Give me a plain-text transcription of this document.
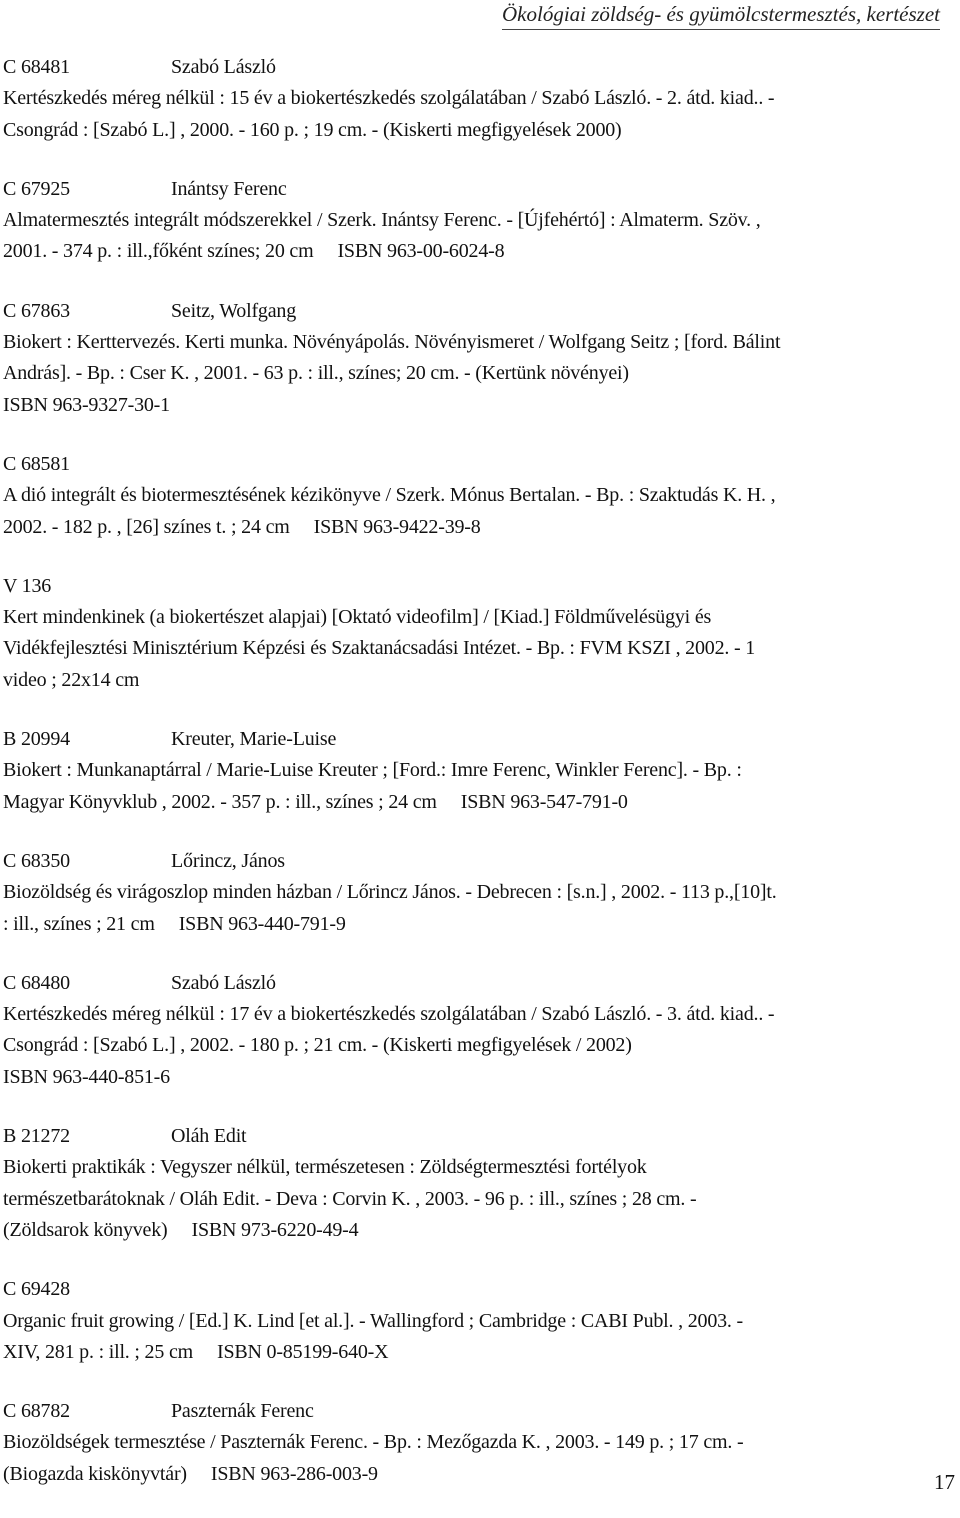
Ökológiai zöldség- és gyümölcstermesztés, kertészet
C 68481	Szabó László
Kertészkedés méreg nélkül : 15 év a biokertészkedés szolgálatában / Szabó László. - 2. átd. kiad.. -
Csongrád : [Szabó L.] , 2000. - 160 p. ; 19 cm. - (Kiskerti megfigyelések 2000)
C 67925	Inántsy Ferenc
Almatermesztés integrált módszerekkel / Szerk. Inántsy Ferenc. - [Újfehértó] : Almaterm. Szöv. ,
2001. - 374 p. : ill.,főként színes; 20 cm     ISBN 963-00-6024-8
C 67863	Seitz, Wolfgang
Biokert : Kerttervezés. Kerti munka. Növényápolás. Növényismeret / Wolfgang Seitz ; [ford. Bálint
András]. - Bp. : Cser K. , 2001. - 63 p. : ill., színes; 20 cm. - (Kertünk növényei)
ISBN 963-9327-30-1
C 68581
A dió integrált és biotermesztésének kézikönyve / Szerk. Mónus Bertalan. - Bp. : Szaktudás K. H. ,
2002. - 182 p. , [26] színes t. ; 24 cm     ISBN 963-9422-39-8
V 136
Kert mindenkinek (a biokertészet alapjai) [Oktató videofilm] / [Kiad.] Földművelésügyi és
Vidékfejlesztési Minisztérium Képzési és Szaktanácsadási Intézet. - Bp. : FVM KSZI , 2002. - 1
video ; 22x14 cm
B 20994	Kreuter, Marie-Luise
Biokert : Munkanaptárral / Marie-Luise Kreuter ; [Ford.: Imre Ferenc, Winkler Ferenc]. - Bp. :
Magyar Könyvklub , 2002. - 357 p. : ill., színes ; 24 cm     ISBN 963-547-791-0
C 68350	Lőrincz, János
Biozöldség és virágoszlop minden házban / Lőrincz János. - Debrecen : [s.n.] , 2002. - 113 p.,[10]t.
: ill., színes ; 21 cm     ISBN 963-440-791-9
C 68480	Szabó László
Kertészkedés méreg nélkül : 17 év a biokertészkedés szolgálatában / Szabó László. - 3. átd. kiad.. -
Csongrád : [Szabó L.] , 2002. - 180 p. ; 21 cm. - (Kiskerti megfigyelések / 2002)
ISBN 963-440-851-6
B 21272	Oláh Edit
Biokerti praktikák : Vegyszer nélkül, természetesen : Zöldségtermesztési fortélyok
természetbarátoknak / Oláh Edit. - Deva : Corvin K. , 2003. - 96 p. : ill., színes ; 28 cm. -
(Zöldsarok könyvek)     ISBN 973-6220-49-4
C 69428
Organic fruit growing / [Ed.] K. Lind [et al.]. - Wallingford ; Cambridge : CABI Publ. , 2003. -
XIV, 281 p. : ill. ; 25 cm     ISBN 0-85199-640-X
C 68782	Paszternák Ferenc
Biozöldségek termesztése / Paszternák Ferenc. - Bp. : Mezőgazda K. , 2003. - 149 p. ; 17 cm. -
(Biogazda kiskönyvtár)     ISBN 963-286-003-9	17
